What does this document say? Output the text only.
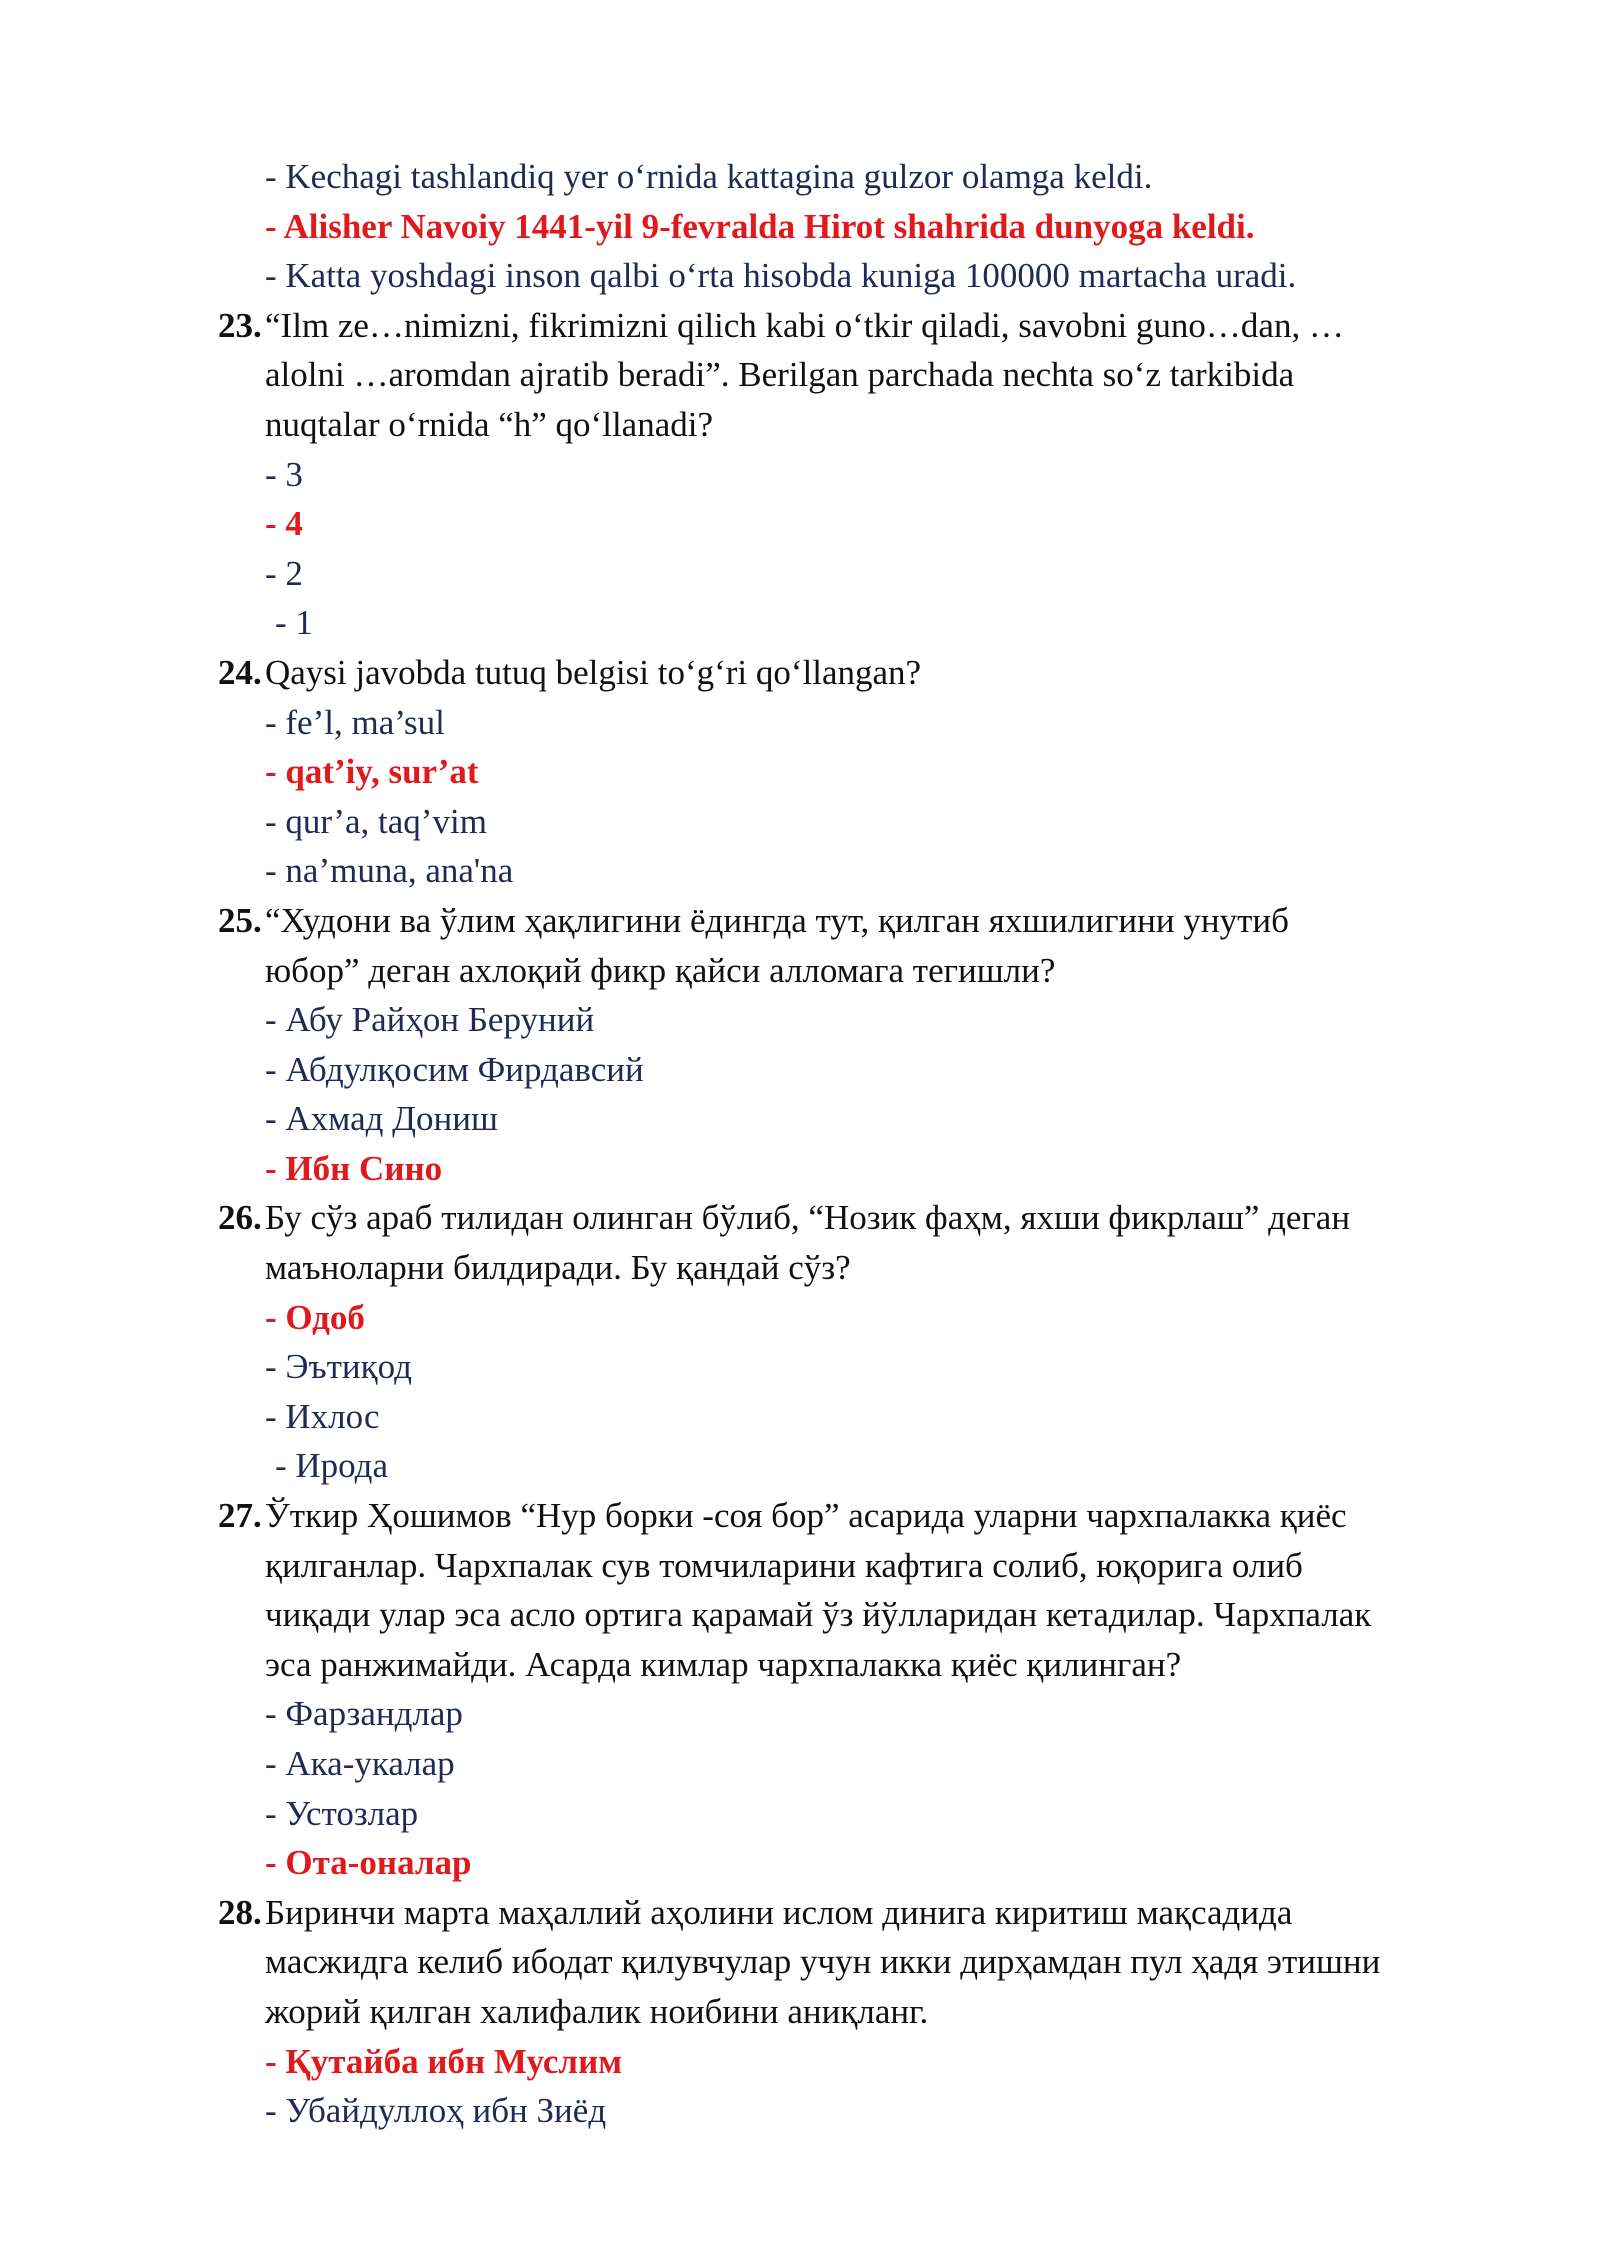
- Kechagi tashlandiq yer o‘rnida kattagina gulzor olamga keldi.
- Alisher Navoiy 1441-yil 9-fevralda Hirot shahrida dunyoga keldi.
- Katta yoshdagi inson qalbi o‘rta hisobda kuniga 100000 martacha uradi.
23.“Ilm ze…nimizni, fikrimizni qilich kabi o‘tkir qiladi, savobni guno…dan, …
alolni …aromdan ajratib beradi”. Berilgan parchada nechta so‘z tarkibida
nuqtalar o‘rnida “h” qo‘llanadi?
- 3
- 4
- 2
- 1
24.Qaysi javobda tutuq belgisi to‘g‘ri qo‘llangan?
- fe’l, ma’sul
- qat’iy, sur’at
- qur’a, taq’vim
- na’muna, ana'na
25.“Худони ва ўлим ҳақлигини ёдингда тут, қилган яхшилигини унутиб
юбор” деган ахлоқий фикр қайси алломага тегишли?
- Абу Райҳон Беруний
- Абдулқосим Фирдавсий
- Ахмад Дониш
- Ибн Сино
26.Бу сўз араб тилидан олинган бўлиб, “Нозик фаҳм, яхши фикрлаш” деган
маъноларни билдиради. Бу қандай сўз?
- Одоб
- Эътиқод
- Ихлос
- Ирода
27.Ўткир Ҳошимов “Нур борки -соя бор” асарида уларни чархпалакка қиёс
қилганлар. Чархпалак сув томчиларини кафтига солиб, юқорига олиб
чиқади улар эса асло ортига қарамай ўз йўлларидан кетадилар. Чархпалак
эса ранжимайди. Асарда кимлар чархпалакка қиёс қилинган?
- Фарзандлар
- Ака-укалар
- Устозлар
- Ота-оналар
28.Биринчи марта маҳаллий аҳолини ислом динига киритиш мақсадида
масжидга келиб ибодат қилувчулар учун икки дирҳамдан пул ҳадя этишни
жорий қилган халифалик ноибини аниқланг.
- Қутайба ибн Муслим
- Убайдуллоҳ ибн Зиёд
